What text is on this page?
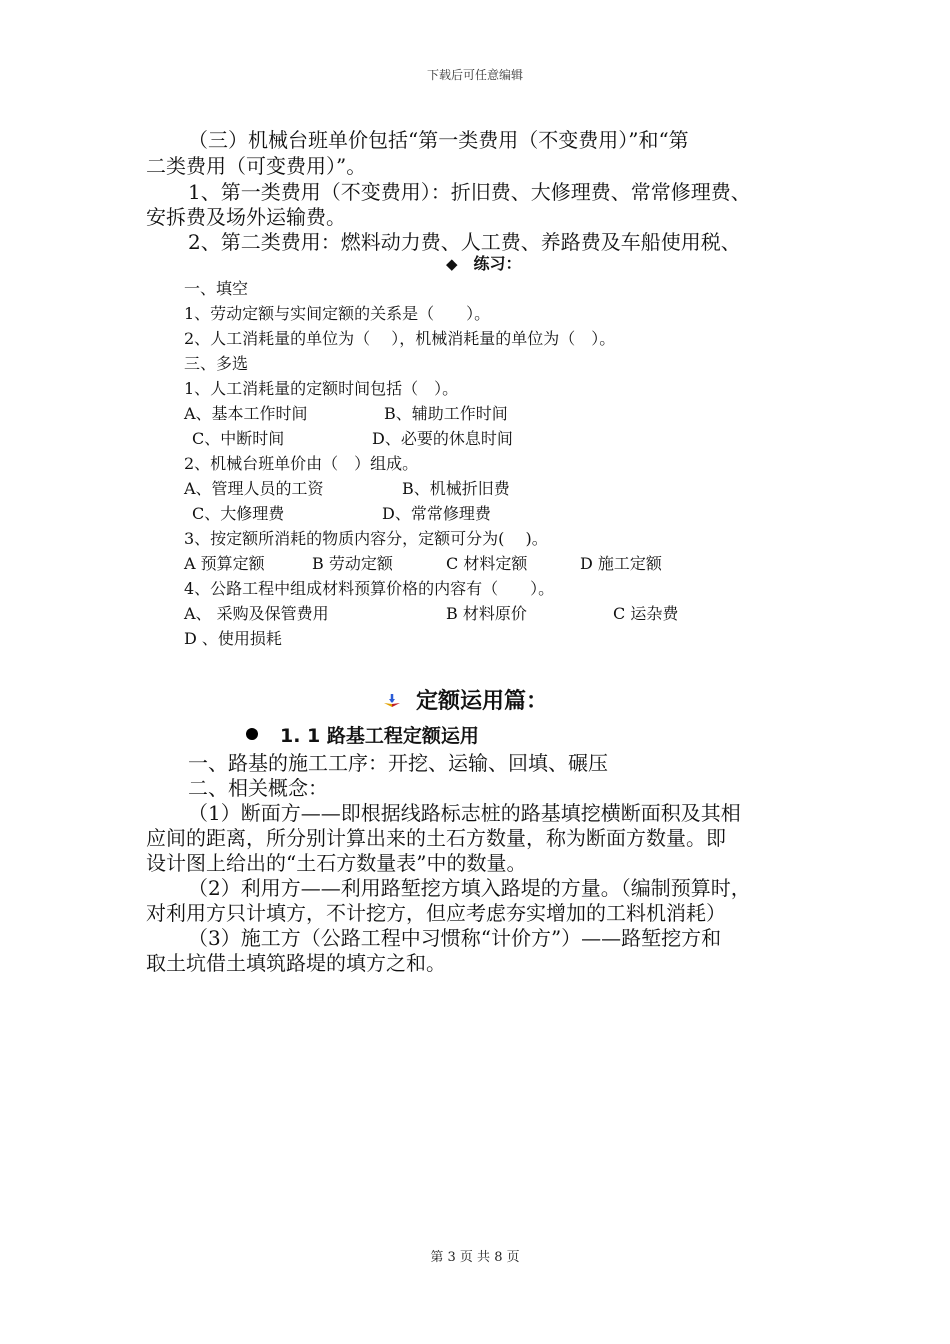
下载后可任意编辑
（三）机械台班单价包括“第一类费用（不变费用）”和“第
二类费用（可变费用）”。
1、第一类费用（不变费用）：折旧费、大修理费、常常修理费、
安拆费及场外运输费。
2、第二类费用：燃料动力费、人工费、养路费及车船使用税、
◆ 练习：
一、填空
1、劳动定额与实间定额的关系是（　　）。
2、人工消耗量的单位为（　 ），机械消耗量的单位为（　）。
三、多选
1、人工消耗量的定额时间包括（　）。
A、基本工作时间	B、辅助工作时间
C、中断时间	D、必要的休息时间
2、机械台班单价由（　）组成。
A、管理人员的工资	B、机械折旧费
C、大修理费	D、常常修理费
3、按定额所消耗的物质内容分，定额可分为(　 )。
A 预算定额	B 劳动定额	C 材料定额	D 施工定额
4、公路工程中组成材料预算价格的内容有（　　）。
A、 采购及保管费用	B 材料原价	C 运杂费
D 、使用损耗
定额运用篇：
1. 1 路基工程定额运用
一、路基的施工工序：开挖、运输、回填、碾压
二、相关概念：
（1）断面方——即根据线路标志桩的路基填挖横断面积及其相
应间的距离，所分别计算出来的土石方数量，称为断面方数量。即
设计图上给出的“土石方数量表”中的数量。
（2）利用方——利用路堑挖方填入路堤的方量。（编制预算时，
对利用方只计填方，不计挖方，但应考虑夯实增加的工料机消耗）
（3）施工方（公路工程中习惯称“计价方”）——路堑挖方和
取土坑借土填筑路堤的填方之和。
第 3 页 共 8 页
